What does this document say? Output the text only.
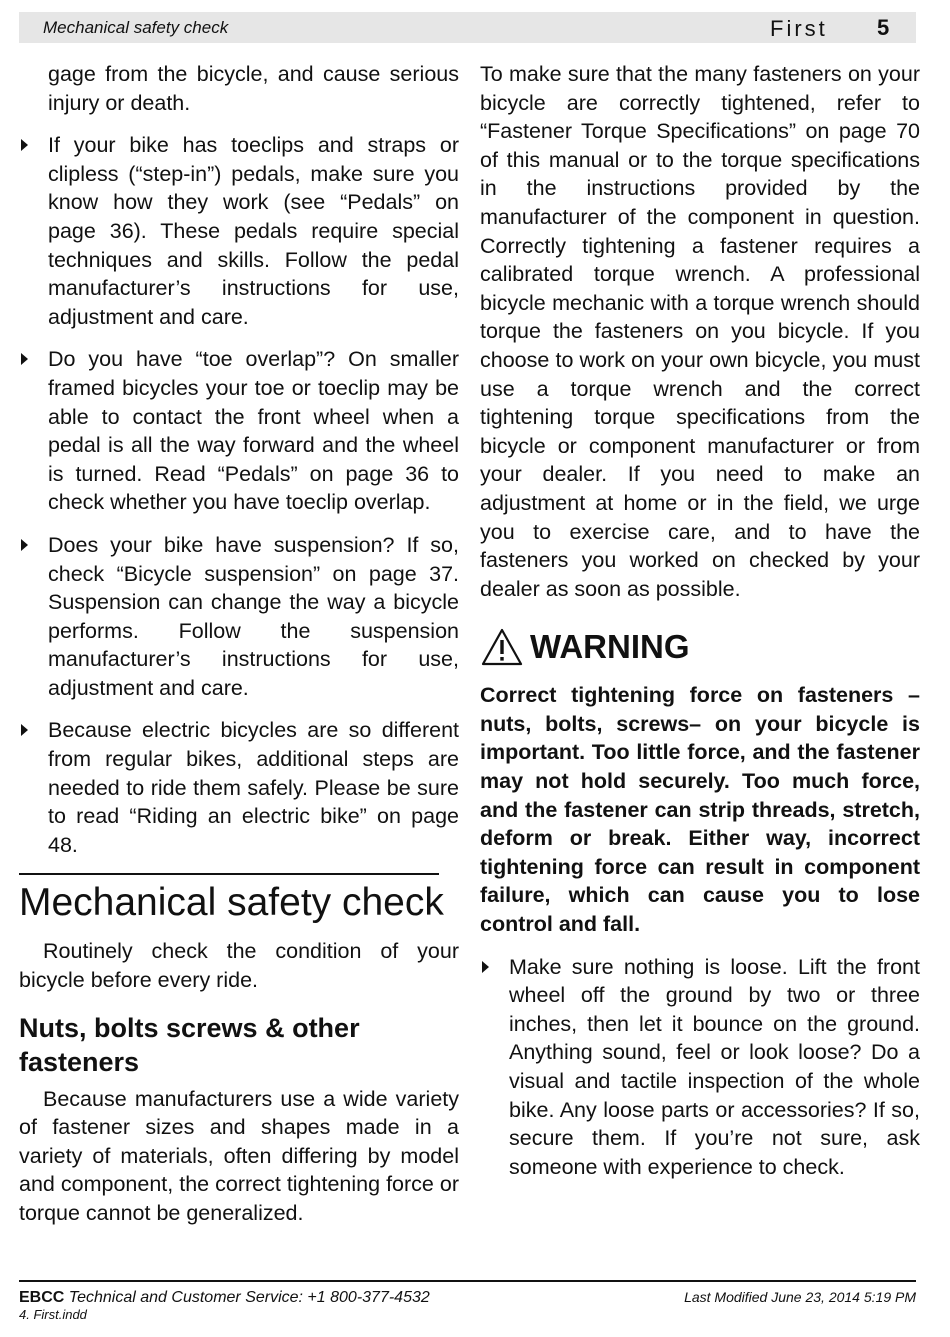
Mechanical safety check	First 5

gage from the bicycle, and cause serious injury or death.

If your bike has toeclips and straps or clipless (“step-in”) pedals, make sure you know how they work (see “Pedals” on page 36). These pedals require special techniques and skills. Follow the pedal manufacturer’s instructions for use, adjustment and care.

Do you have “toe overlap”? On smaller framed bicycles your toe or toeclip may be able to contact the front wheel when a pedal is all the way forward and the wheel is turned. Read “Pedals” on page 36 to check whether you have toeclip overlap.

Does your bike have suspension? If so, check “Bicycle suspension” on page 37. Suspension can change the way a bicycle performs. Follow the suspension manufacturer’s instructions for use, adjustment and care.

Because electric bicycles are so different from regular bikes, additional steps are needed to ride them safely. Please be sure to read “Riding an electric bike” on page 48.

Mechanical safety check

Routinely check the condition of your bicycle before every ride.

Nuts, bolts screws & other fasteners

Because manufacturers use a wide variety of fastener sizes and shapes made in a variety of materials, often differing by model and component, the correct tightening force or torque cannot be generalized.

To make sure that the many fasteners on your bicycle are correctly tightened, refer to “Fastener Torque Specifications” on page 70 of this manual or to the torque specifications in the instructions provided by the manufacturer of the component in question. Correctly tightening a fastener requires a calibrated torque wrench. A professional bicycle mechanic with a torque wrench should torque the fasteners on you bicycle. If you choose to work on your own bicycle, you must use a torque wrench and the correct tightening torque specifications from the bicycle or component manufacturer or from your dealer. If you need to make an adjustment at home or in the field, we urge you to exercise care, and to have the fasteners you worked on checked by your dealer as soon as possible.

WARNING

Correct tightening force on fasteners – nuts, bolts, screws– on your bicycle is important. Too little force, and the fastener may not hold securely. Too much force, and the fastener can strip threads, stretch, deform or break. Either way, incorrect tightening force can result in component failure, which can cause you to lose control and fall.

Make sure nothing is loose. Lift the front wheel off the ground by two or three inches, then let it bounce on the ground. Anything sound, feel or look loose? Do a visual and tactile inspection of the whole bike. Any loose parts or accessories? If so, secure them. If you’re not sure, ask someone with experience to check.

EBCC Technical and Customer Service: +1 800-377-4532
4. First.indd
Last Modified June 23, 2014 5:19 PM
